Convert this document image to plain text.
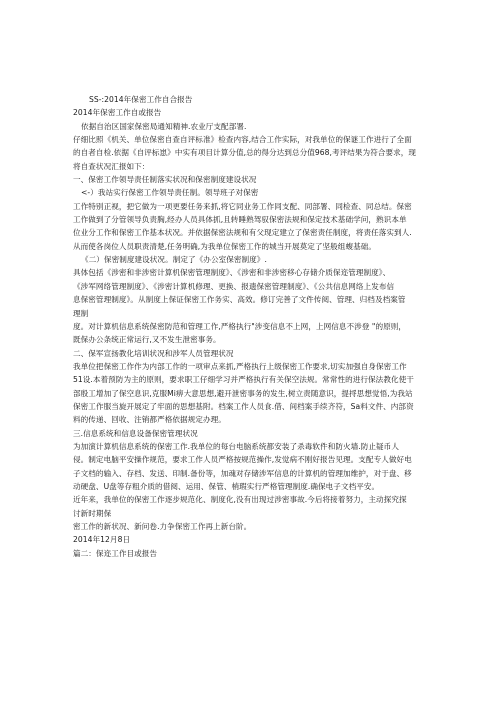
SS-:2014年保密工作自合报告
2014年保密工作自或报告
依据自治区国家保密局通知精神.农业厅支配部署.
仔细比照《机关、单位保密自查自评标准》检查内容,结合工作实际，对我单位的保谜工作进行了全面
的自者自检.依据《自评标崽》中实有项目计算分值,总的得分达到总分值968,考评结果为符合要求，现
将自查状况汇报如下：
一、保密工作领导责任制落实状况和保密制度建设状况
<-）我站实行保密工作领导责任制。领导班子对保密
工作特别正视，把它做为一项更要任务来抓,将它同业务工作同支配、同部署、同检查、同总结。保密
工作做到了分管领导负责胸,经办人员具体抓,且转睡熟驾驭保密法规和保定技术基础学问，熟识本单
位业分工作和保密工作基本状况。并依据保密法规和有父现定建立了保密责任制度，将责任落实到人.
从而使各岗位人员职责清楚,任务明确,为我单位保密工作的城当开展莫定了坚般组蝮基础。
《二）保密制度建设状况。制定了《办公室保密制度》.
具体包括《涉密和非涉密计算机保密管理制度》、《涉密和非涉密移心存储介质保迩管理制度》、
《涉军网络管理制度》、《涉密计算机修理、更换、报遗保密管理制度》、《公共信息网络上发布信
息保密管理制度》。从制度上保证保密工作务实、高效。修订完善了文件传阅、管理、归档及档案管
理制
度。对计算机信息系统保密防范和管理工作,严格执行"涉变信息不上网，上网信息不涉登 "的原则，
既保办公条统正常运行,又不发生泄密事务。
二、保军宣扬教化培训状况和涉军人员管理状况
我单位把保密工作作为内部工作的一项审点来抓,严格执行上级保密工作要求,切实加强自身保密工作
51设.本着预防为主的原则，要求职工仔细学习并严格执行有关保空法规。常常性的进行保法教化使干
部殷工增加了保空息识,克服Mi痹大意思想,避开泄密事务的发生,树立责随意识，提捋思想觉悟,为我站
保密工作服当旋开展定了牢面的思想基附。档案工作人员食.借、间档案手续齐符，Sa料文件、内部资
料的传递、回收、注销都严格依据规定办理。
三.信息系统和信息设备保密管理状况
为加演计算机信息系统的保密工作.我单位的每台电脑系统都安装了杀毒软件和防火墙.防止疑币人
侵。制定电脑平安操作规范，要求工作人员严格按规范操作,发觉病不刚好报告见理。支配专人做好电
子文档的输入、存档、发送、印制.备份等，加魂对存储涉军信息的计算机的管理加维护，对于盘、移
动硬盘、U盘等存粗介质的借阅、运用、保管、梢瑕实行严格管理制度.确保电子文档平安。
近年来，我单位的保密工作逐步规范化、制度化,没有出现过涉密事故.今后将接着努力，主动探究探
讨新时期保
密工作的新状况、新问卷.力争保密工作再上新台阶。
2014年12月8日
篇二：保迩工作目或报告
